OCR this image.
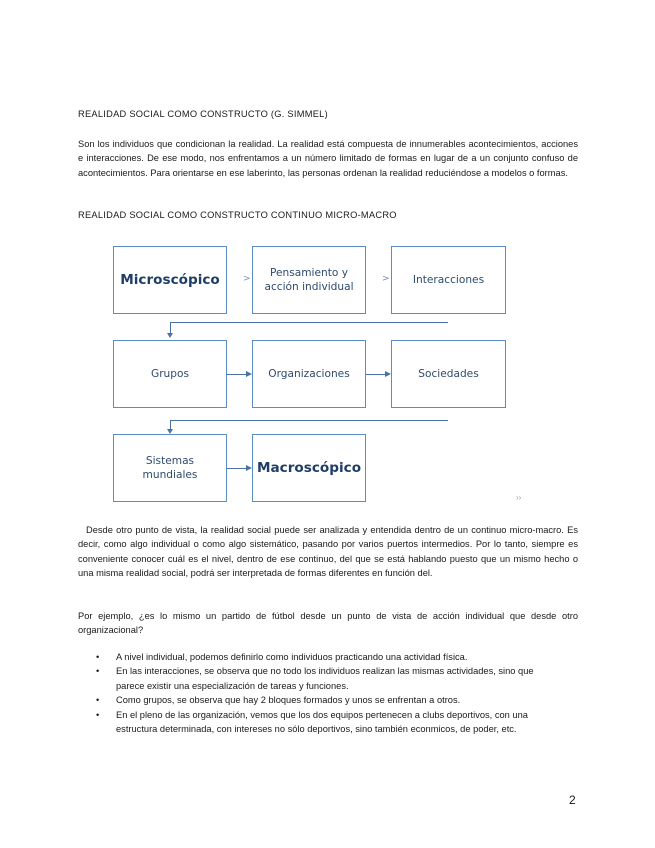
REALIDAD SOCIAL COMO CONSTRUCTO (G. SIMMEL)

Son los individuos que condicionan la realidad. La realidad está compuesta de innumerables acontecimientos, acciones e interacciones. De ese modo, nos enfrentamos a un número limitado de formas en lugar de a un conjunto confuso de acontecimientos. Para orientarse en ese laberinto, las personas ordenan la realidad reduciéndose a modelos o formas.

REALIDAD SOCIAL COMO CONSTRUCTO CONTINUO MICRO-MACRO

Microscópico	Pensamiento y acción individual
Interacciones
>	>
Grupos	Organizaciones	Sociedades
Sistemas mundiales	Macroscópico
››

Desde otro punto de vista, la realidad social puede ser analizada y entendida dentro de un continuo micro-macro. Es decir, como algo individual o como algo sistemático, pasando por varios puertos intermedios. Por lo tanto, siempre es conveniente conocer cuál es el nivel, dentro de ese continuo, del que se está hablando puesto que un mismo hecho o una misma realidad social, podrá ser interpretada de formas diferentes en función del.

Por ejemplo, ¿es lo mismo un partido de fútbol desde un punto de vista de acción individual que desde otro organizacional?

• A nivel individual, podemos definirlo como individuos practicando una actividad física.
• En las interacciones, se observa que no todo los individuos realizan las mismas actividades, sino que parece existir una especialización de tareas y funciones.
• Como grupos, se observa que hay 2 bloques formados y unos se enfrentan a otros.
• En el pleno de las organización, vemos que los dos equipos pertenecen a clubs deportivos, con una estructura determinada, con intereses no sólo deportivos, sino también econmicos, de poder, etc.
2
